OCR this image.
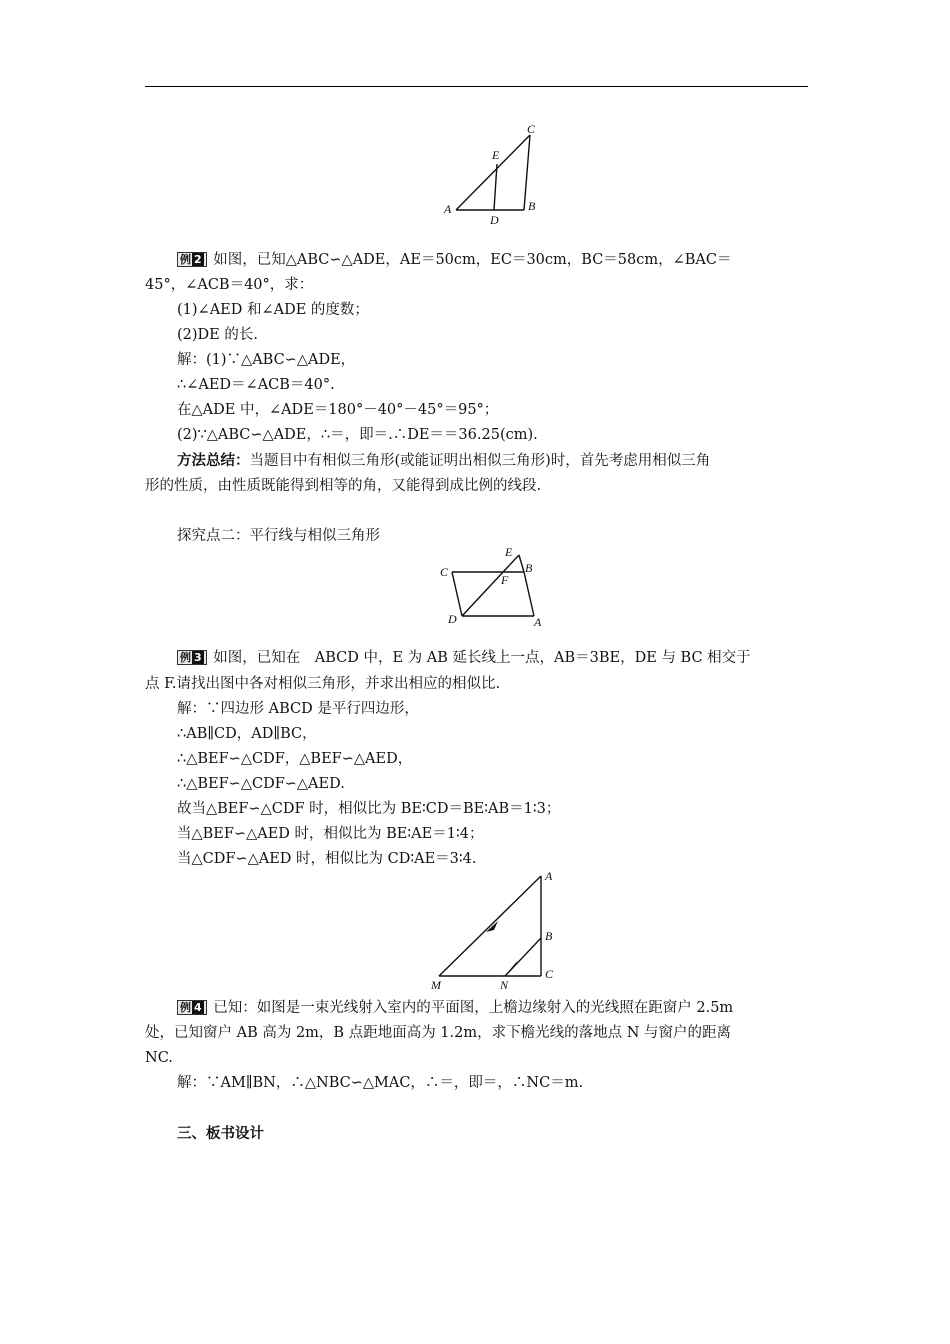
C
E
A
D
B
例 2 如图，已知△ABC∽△ADE，AE＝50cm，EC＝30cm，BC＝58cm，∠BAC＝
45°，∠ACB＝40°，求：
(1)∠AED 和∠ADE 的度数；
(2)DE 的长.
解：(1)∵△ABC∽△ADE，
∴∠AED＝∠ACB＝40°.
在△ADE 中，∠ADE＝180°－40°－45°＝95°；
(2)∵△ABC∽△ADE，∴＝，即＝.∴DE＝＝36.25(cm).
方法总结：当题目中有相似三角形(或能证明出相似三角形)时，首先考虑用相似三角
形的性质，由性质既能得到相等的角，又能得到成比例的线段.
探究点二：平行线与相似三角形
E
B
C
F
D	A
例 3 如图，已知在　ABCD 中，E 为 AB 延长线上一点，AB＝3BE，DE 与 BC 相交于
点 F.请找出图中各对相似三角形，并求出相应的相似比.
解：∵四边形 ABCD 是平行四边形，
∴AB∥CD，AD∥BC，
∴△BEF∽△CDF，△BEF∽△AED，
∴△BEF∽△CDF∽△AED.
故当△BEF∽△CDF 时，相似比为 BE∶CD＝BE∶AB＝1∶3；
当△BEF∽△AED 时，相似比为 BE∶AE＝1∶4；
当△CDF∽△AED 时，相似比为 CD∶AE＝3∶4.
A
B
C
M	N
例 4 已知：如图是一束光线射入室内的平面图，上檐边缘射入的光线照在距窗户 2.5m
处，已知窗户 AB 高为 2m，B 点距地面高为 1.2m，求下檐光线的落地点 N 与窗户的距离
NC.
解：∵AM∥BN，∴△NBC∽△MAC，∴＝，即＝，∴NC＝m.
三、板书设计
